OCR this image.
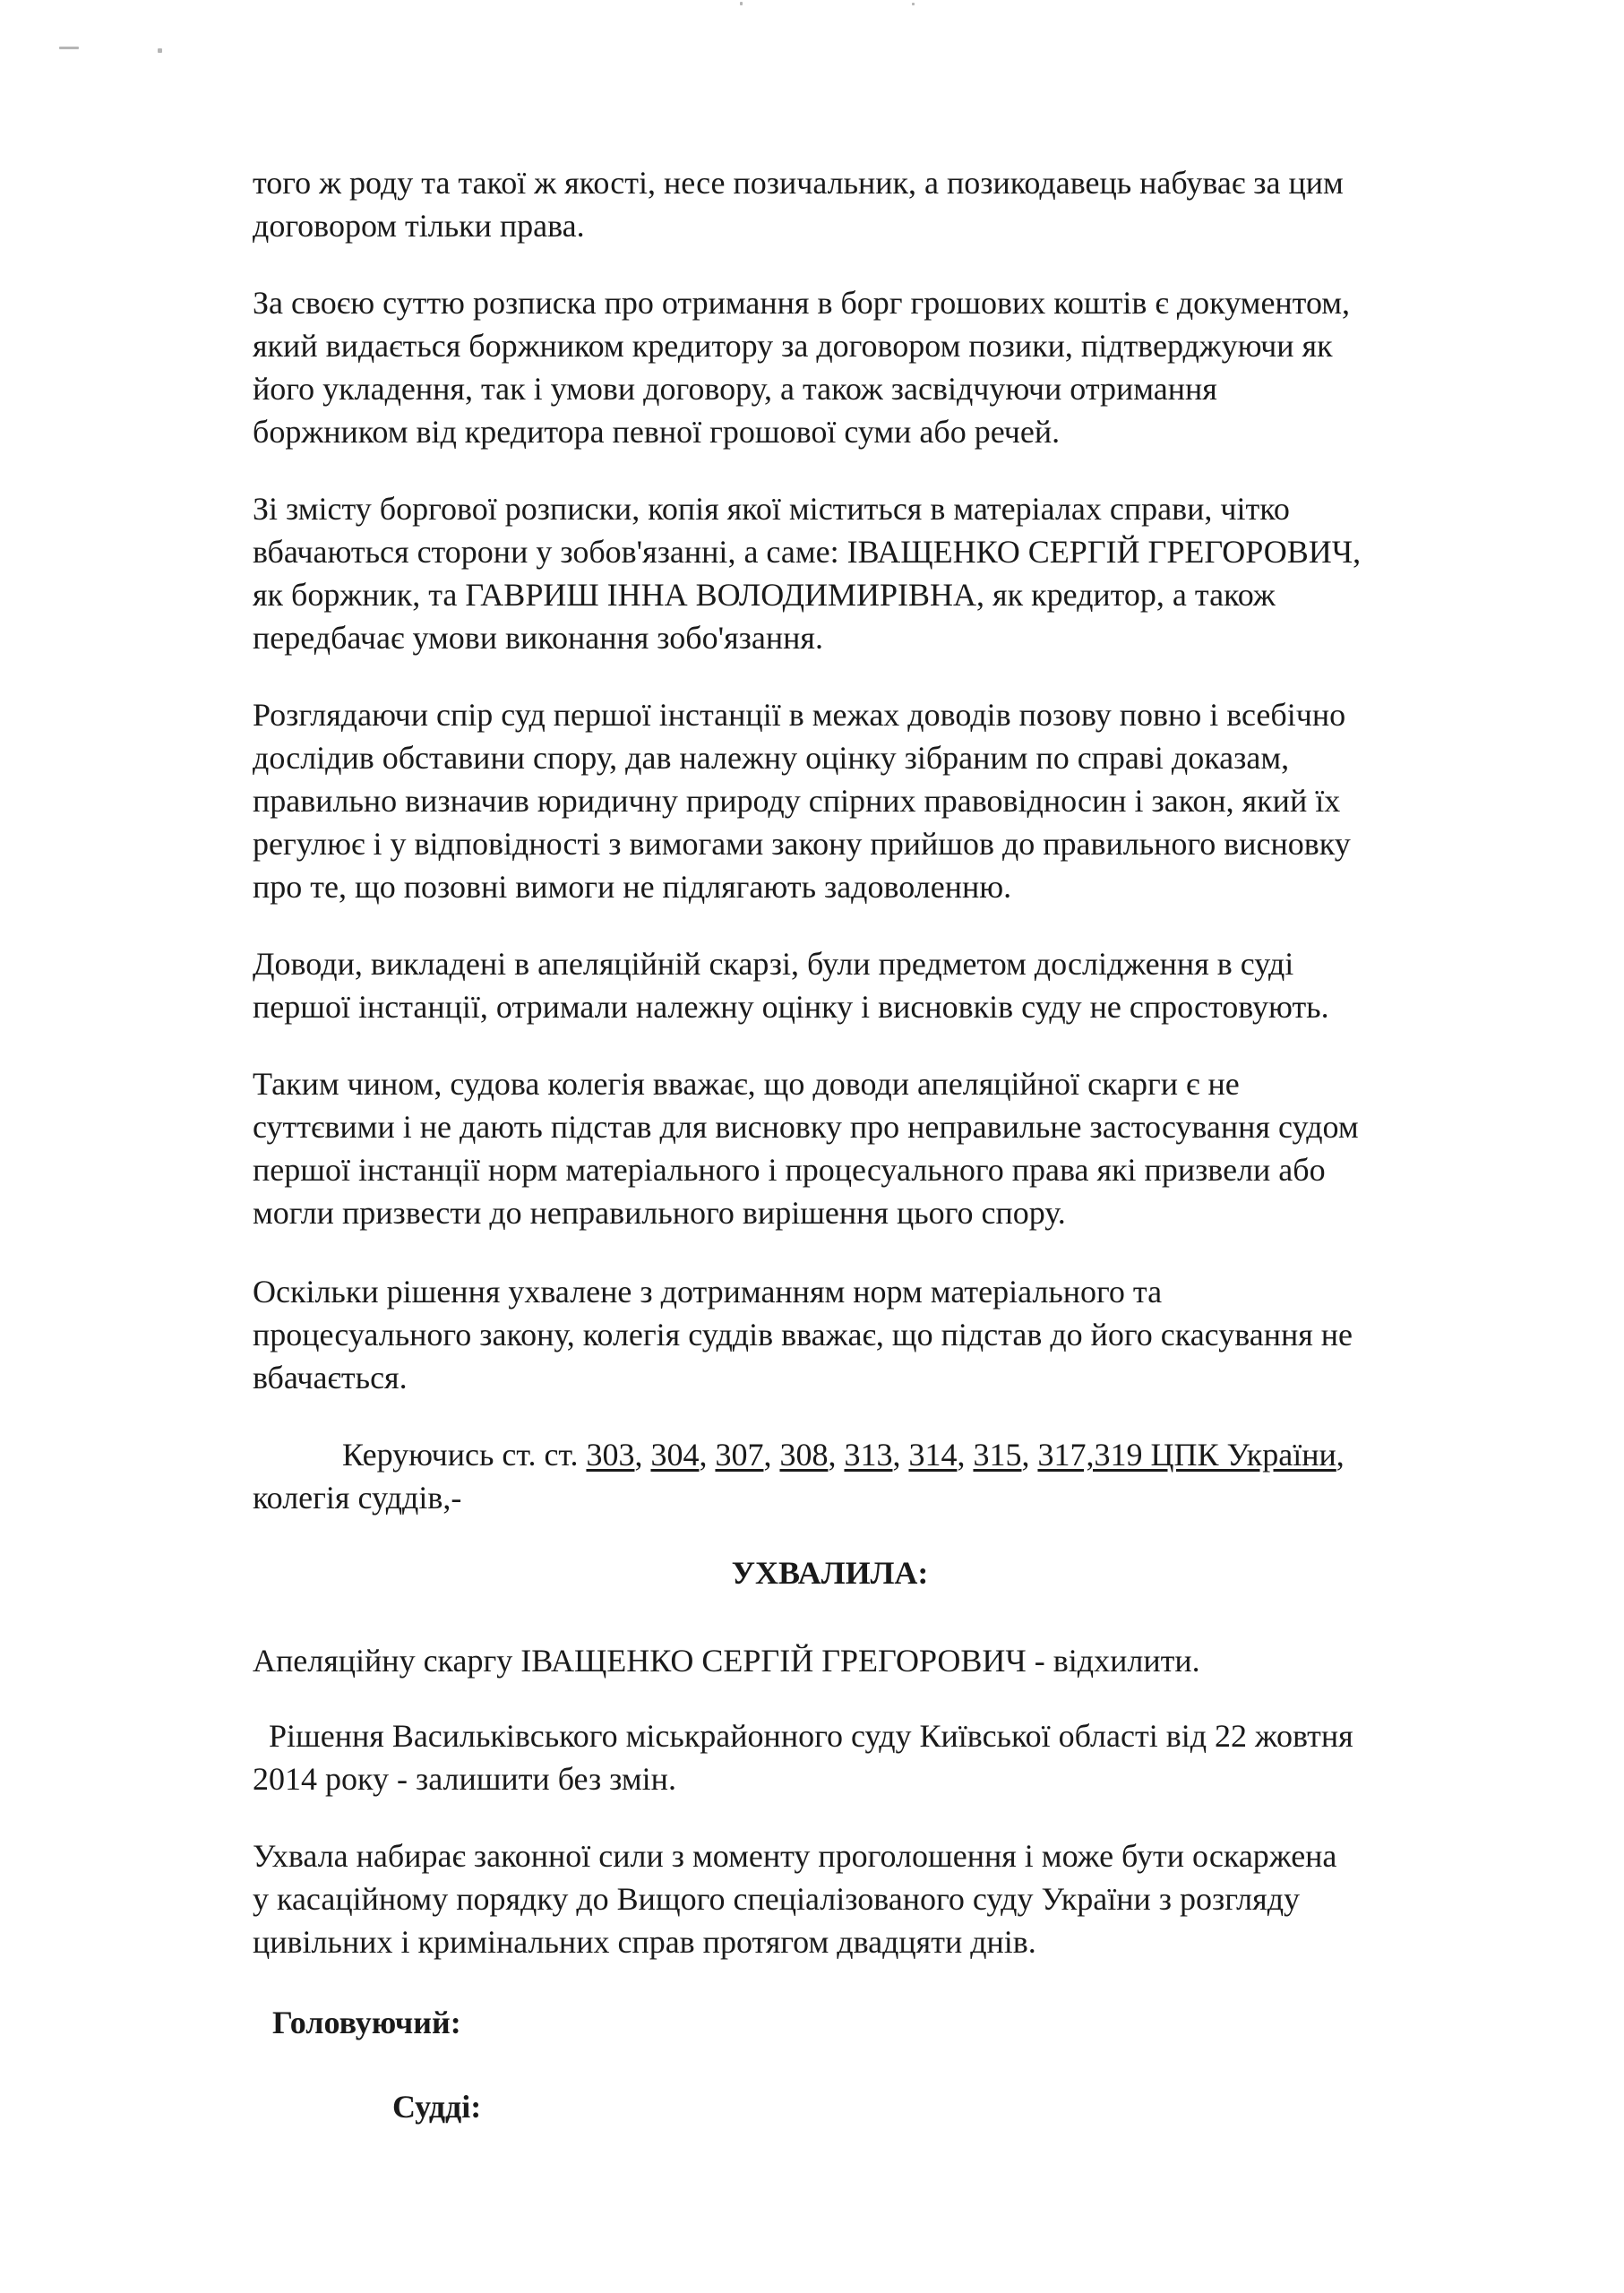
того ж роду та такої ж якості, несе позичальник, а позикодавець набуває за цим
договором тільки права.

За своєю суттю розписка про отримання в борг грошових коштів є документом,
який видається боржником кредитору за договором позики, підтверджуючи як
його укладення, так і умови договору, а також засвідчуючи отримання
боржником від кредитора певної грошової суми або речей.

Зі змісту боргової розписки, копія якої міститься в матеріалах справи, чітко
вбачаються сторони у зобов'язанні, а саме: ІВАЩЕНКО СЕРГІЙ ГРЕГОРОВИЧ,
як боржник, та ГАВРИШ ІННА ВОЛОДИМИРІВНА, як кредитор, а також
передбачає умови виконання зобо'язання.

Розглядаючи спір суд першої інстанції в межах доводів позову повно і всебічно
дослідив обставини спору, дав належну оцінку зібраним по справі доказам,
правильно визначив юридичну природу спірних правовідносин і закон, який їх
регулює і у відповідності з вимогами закону прийшов до правильного висновку
про те, що позовні вимоги не підлягають задоволенню.

Доводи, викладені в апеляційній скарзі, були предметом дослідження в суді
першої інстанції, отримали належну оцінку і висновків суду не спростовують.

Таким чином, судова колегія вважає, що доводи апеляційної скарги є не
суттєвими і не дають підстав для висновку про неправильне застосування судом
першої інстанції норм матеріального і процесуального права які призвели або
могли призвести до неправильного вирішення цього спору.

Оскільки рішення ухвалене з дотриманням норм матеріального та
процесуального закону, колегія суддів вважає, що підстав до його скасування не
вбачається.

Керуючись ст. ст. 303, 304, 307, 308, 313, 314, 315, 317,319 ЦПК України,
колегія суддів,-

УХВАЛИЛА:

Апеляційну скаргу ІВАЩЕНКО СЕРГІЙ ГРЕГОРОВИЧ - відхилити.

Рішення Васильківського міськрайонного суду Київської області від 22 жовтня
2014 року - залишити без змін.

Ухвала набирає законної сили з моменту проголошення і може бути оскаржена
у касаційному порядку до Вищого спеціалізованого суду України з розгляду
цивільних і кримінальних справ протягом двадцяти днів.

Головуючий:
Судді:
